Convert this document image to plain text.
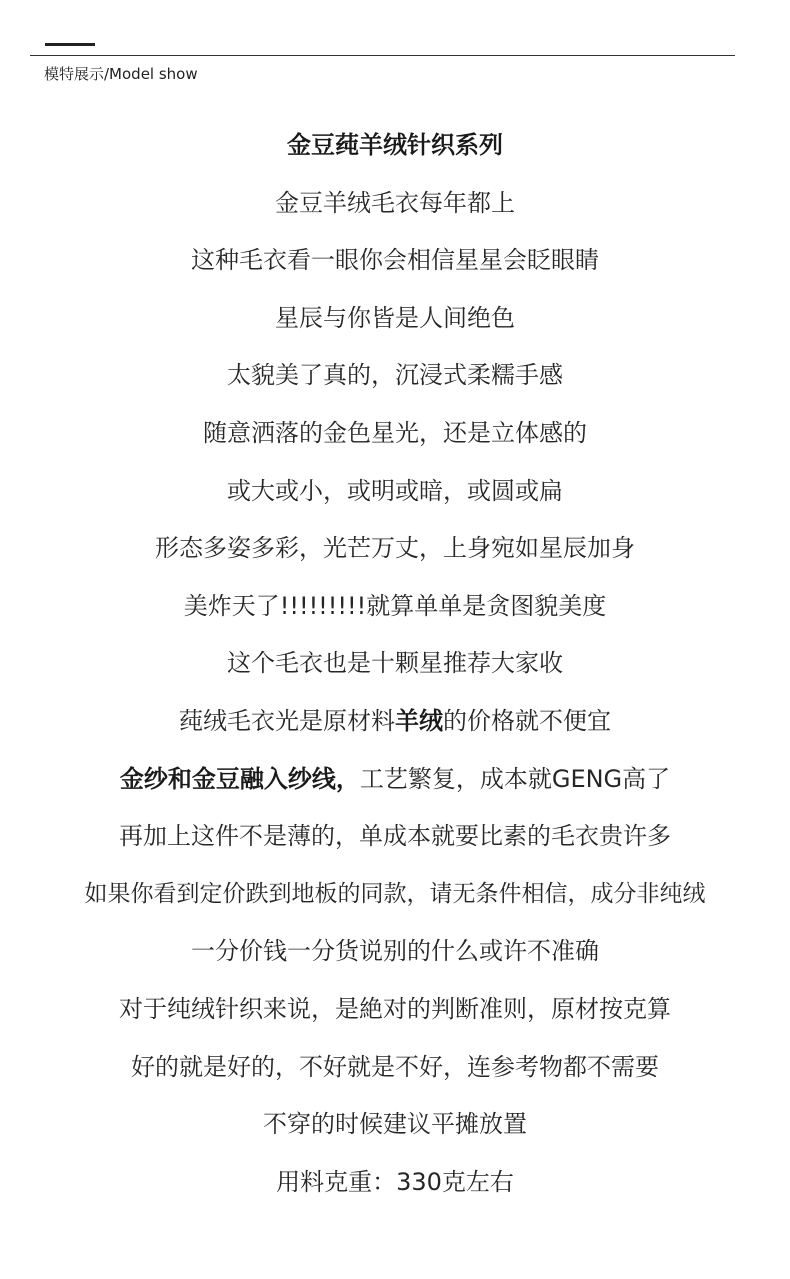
模特展示/Model show
金豆莼羊绒针织系列
金豆羊绒毛衣每年都上
这种毛衣看一眼你会相信星星会眨眼睛
星辰与你皆是人间绝色
太貌美了真的，沉浸式柔糯手感
随意洒落的金色星光，还是立体感的
或大或小，或明或暗，或圆或扁
形态多姿多彩，光芒万丈，上身宛如星辰加身
美炸天了!!!!!!!!!就算单单是贪图貌美度
这个毛衣也是十颗星推荐大家收
莼绒毛衣光是原材料羊绒的价格就不便宜
金纱和金豆融入纱线，工艺繁复，成本就GENG高了
再加上这件不是薄的，单成本就要比素的毛衣贵许多
如果你看到定价跌到地板的同款，请无条件相信，成分非纯绒
一分价钱一分货说别的什么或许不准确
对于纯绒针织来说，是絶对的判断准则，原材按克算
好的就是好的，不好就是不好，连参考物都不需要
不穿的时候建议平摊放置
用料克重：330克左右
